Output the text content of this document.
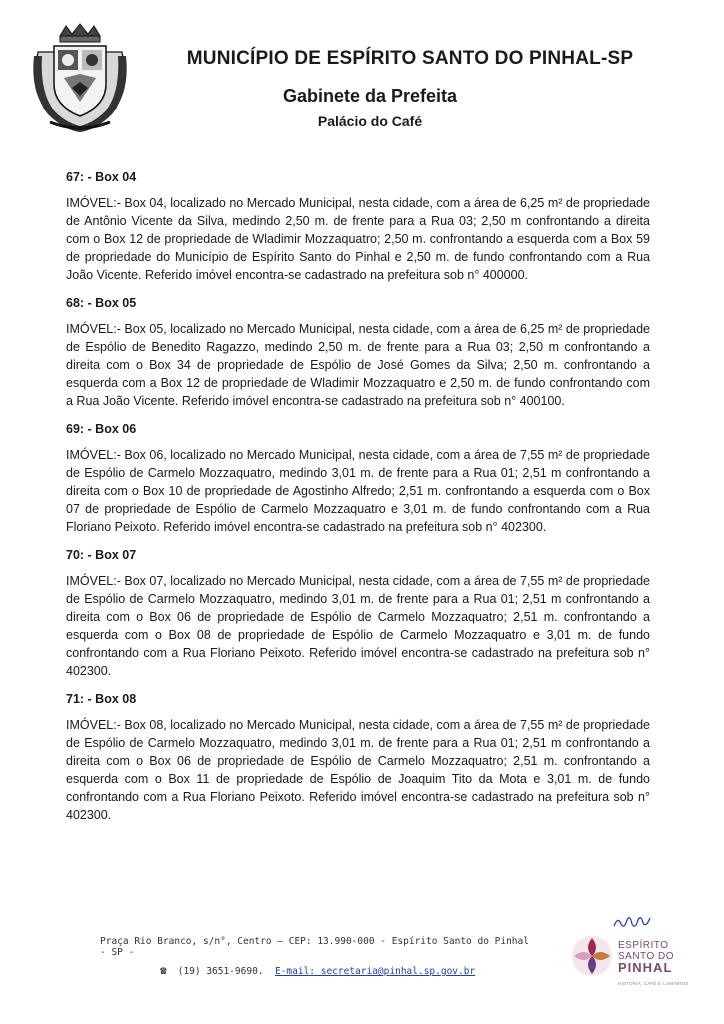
MUNICÍPIO DE ESPÍRITO SANTO DO PINHAL-SP
Gabinete da Prefeita
Palácio do Café

67: - Box 04

IMÓVEL:- Box 04, localizado no Mercado Municipal, nesta cidade, com a área de 6,25 m² de propriedade de Antônio Vicente da Silva, medindo 2,50 m. de frente para a Rua 03; 2,50 m confrontando a direita com o Box 12 de propriedade de Wladimir Mozzaquatro; 2,50 m. confrontando a esquerda com a Box 59 de propriedade do Município de Espírito Santo do Pinhal e 2,50 m. de fundo confrontando com a Rua João Vicente. Referido imóvel encontra-se cadastrado na prefeitura sob n° 400000.

68: - Box 05

IMÓVEL:- Box 05, localizado no Mercado Municipal, nesta cidade, com a área de 6,25 m² de propriedade de Espólio de Benedito Ragazzo, medindo 2,50 m. de frente para a Rua 03; 2,50 m confrontando a direita com o Box 34 de propriedade de Espólio de José Gomes da Silva; 2,50 m. confrontando a esquerda com a Box 12 de propriedade de Wladimir Mozzaquatro e 2,50 m. de fundo confrontando com a Rua João Vicente. Referido imóvel encontra-se cadastrado na prefeitura sob n° 400100.

69: - Box 06

IMÓVEL:- Box 06, localizado no Mercado Municipal, nesta cidade, com a área de 7,55 m² de propriedade de Espólio de Carmelo Mozzaquatro, medindo 3,01 m. de frente para a Rua 01; 2,51 m confrontando a direita com o Box 10 de propriedade de Agostinho Alfredo; 2,51 m. confrontando a esquerda com o Box 07 de propriedade de Espólio de Carmelo Mozzaquatro e 3,01 m. de fundo confrontando com a Rua Floriano Peixoto. Referido imóvel encontra-se cadastrado na prefeitura sob n° 402300.

70: - Box 07

IMÓVEL:- Box 07, localizado no Mercado Municipal, nesta cidade, com a área de 7,55 m² de propriedade de Espólio de Carmelo Mozzaquatro, medindo 3,01 m. de frente para a Rua 01; 2,51 m confrontando a direita com o Box 06 de propriedade de Espólio de Carmelo Mozzaquatro; 2,51 m. confrontando a esquerda com o Box 08 de propriedade de Espólio de Carmelo Mozzaquatro e 3,01 m. de fundo confrontando com a Rua Floriano Peixoto. Referido imóvel encontra-se cadastrado na prefeitura sob n° 402300.

71: - Box 08

IMÓVEL:- Box 08, localizado no Mercado Municipal, nesta cidade, com a área de 7,55 m² de propriedade de Espólio de Carmelo Mozzaquatro, medindo 3,01 m. de frente para a Rua 01; 2,51 m confrontando a direita com o Box 06 de propriedade de Espólio de Carmelo Mozzaquatro; 2,51 m. confrontando a esquerda com o Box 11 de propriedade de Espólio de Joaquim Tito da Mota e 3,01 m. de fundo confrontando com a Rua Floriano Peixoto. Referido imóvel encontra-se cadastrado na prefeitura sob n° 402300.

Praça Rio Branco, s/n°, Centro – CEP: 13.990-000 - Espírito Santo do Pinhal - SP -
☎ (19) 3651-9690. E-mail: secretaria@pinhal.sp.gov.br
ESPÍRITO
SANTO DO
PINHAL
HISTÓRIA, CAFÉ E CAMINHOS
